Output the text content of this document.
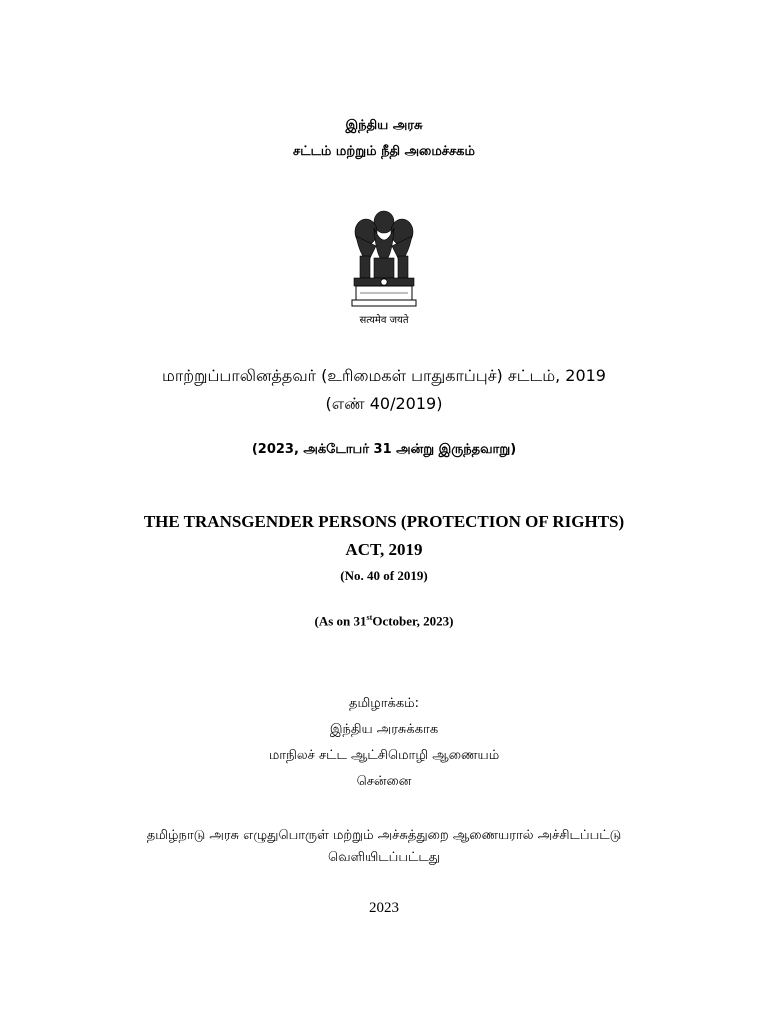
இந்திய அரசு
சட்டம் மற்றும் நீதி அமைச்சகம்
सत्यमेव जयते
மாற்றுப்பாலினத்தவர் (உரிமைகள் பாதுகாப்புச்) சட்டம், 2019
(எண் 40/2019)
(2023, அக்டோபர் 31 அன்று இருந்தவாறு)
THE TRANSGENDER PERSONS (PROTECTION OF RIGHTS)
ACT, 2019
(No. 40 of 2019)
(As on 31stOctober, 2023)
தமிழாக்கம்:
இந்திய அரசுக்காக
மாநிலச் சட்ட ஆட்சிமொழி ஆணையம்
சென்னை
தமிழ்நாடு அரசு எழுதுபொருள் மற்றும் அச்சுத்துறை ஆணையரால் அச்சிடப்பட்டு
வெளியிடப்பட்டது
2023
